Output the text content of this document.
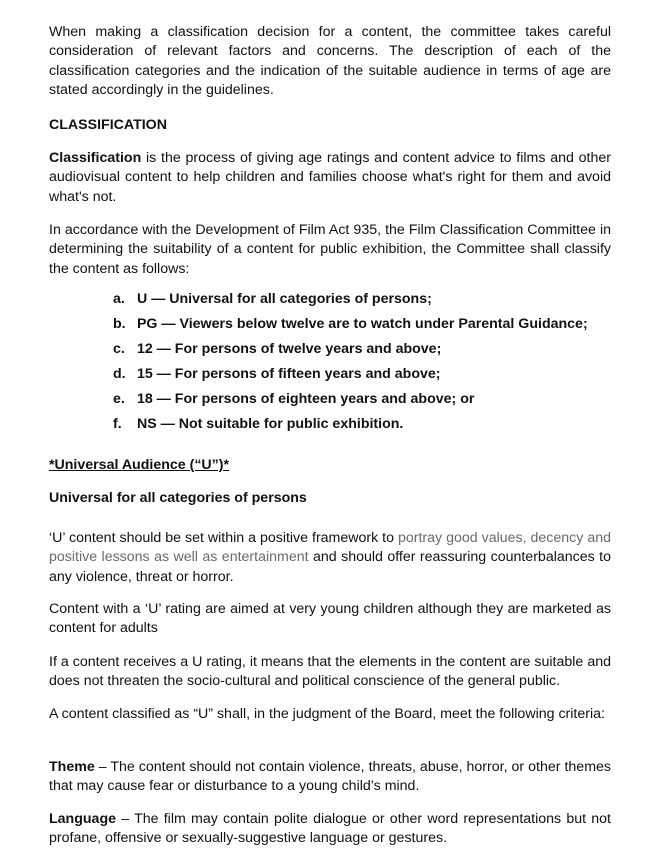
When making a classification decision for a content, the committee takes careful consideration of relevant factors and concerns. The description of each of the classification categories and the indication of the suitable audience in terms of age are stated accordingly in the guidelines.

CLASSIFICATION

Classification is the process of giving age ratings and content advice to films and other audiovisual content to help children and families choose what's right for them and avoid what's not.

In accordance with the Development of Film Act 935, the Film Classification Committee in determining the suitability of a content for public exhibition, the Committee shall classify the content as follows:

a. U — Universal for all categories of persons;
b. PG — Viewers below twelve are to watch under Parental Guidance;
c. 12 — For persons of twelve years and above;
d. 15 — For persons of fifteen years and above;
e. 18 — For persons of eighteen years and above; or
f. NS — Not suitable for public exhibition.

*Universal Audience (“U”)*

Universal for all categories of persons

‘U’ content should be set within a positive framework to portray good values, decency and positive lessons as well as entertainment and should offer reassuring counterbalances to any violence, threat or horror.

Content with a ‘U’ rating are aimed at very young children although they are marketed as content for adults

If a content receives a U rating, it means that the elements in the content are suitable and does not threaten the socio-cultural and political conscience of the general public.

A content classified as “U” shall, in the judgment of the Board, meet the following criteria:

Theme – The content should not contain violence, threats, abuse, horror, or other themes that may cause fear or disturbance to a young child’s mind.

Language – The film may contain polite dialogue or other word representations but not profane, offensive or sexually-suggestive language or gestures.
